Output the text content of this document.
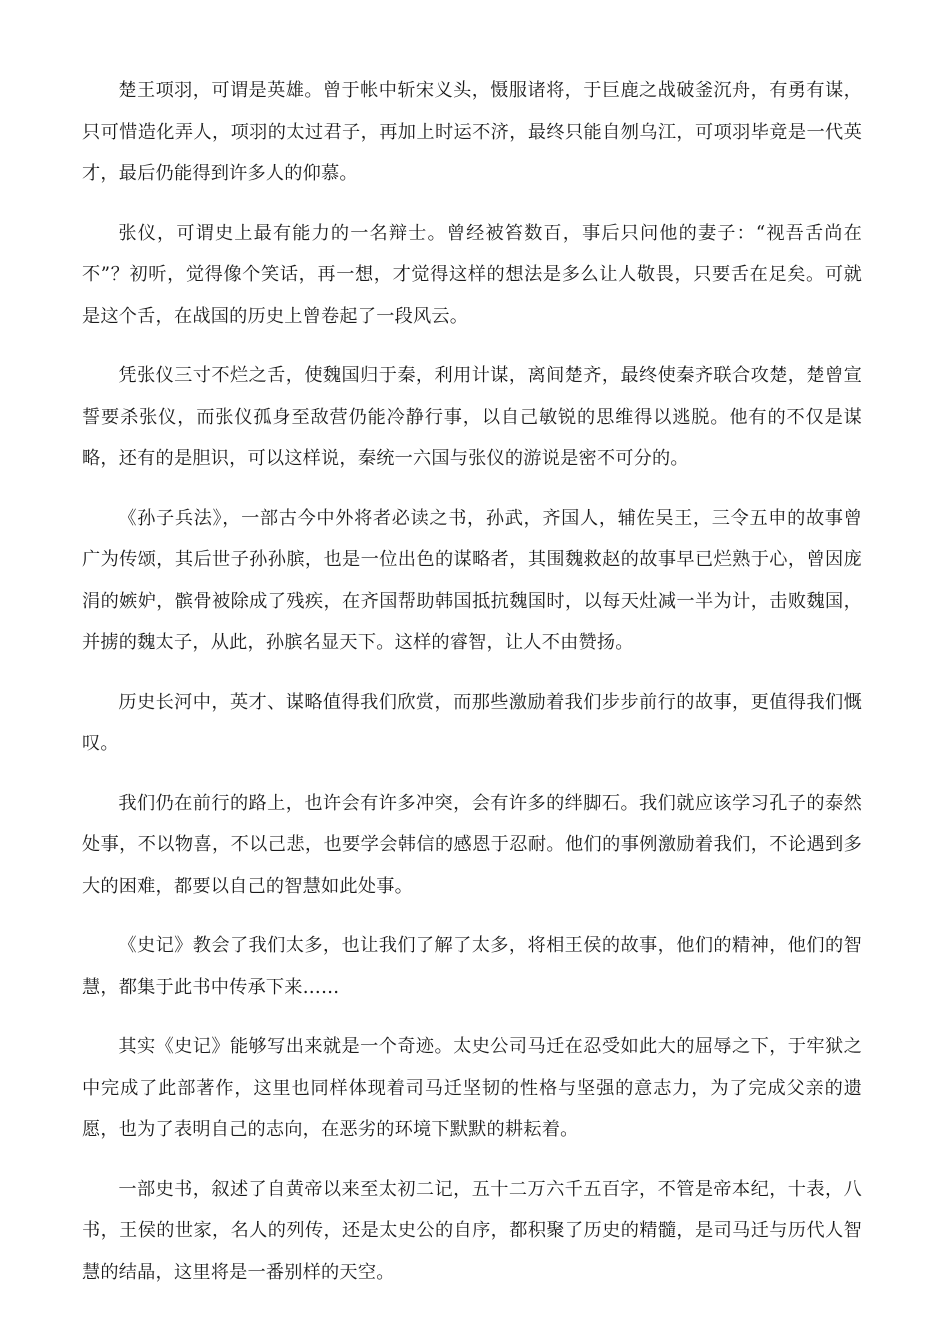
楚王项羽，可谓是英雄。曾于帐中斩宋义头，慑服诸将，于巨鹿之战破釜沉舟，有勇有谋，只可惜造化弄人，项羽的太过君子，再加上时运不济，最终只能自刎乌江，可项羽毕竟是一代英才，最后仍能得到许多人的仰慕。

张仪，可谓史上最有能力的一名辩士。曾经被笞数百，事后只问他的妻子：“视吾舌尚在不”？初听，觉得像个笑话，再一想，才觉得这样的想法是多么让人敬畏，只要舌在足矣。可就是这个舌，在战国的历史上曾卷起了一段风云。

凭张仪三寸不烂之舌，使魏国归于秦，利用计谋，离间楚齐，最终使秦齐联合攻楚，楚曾宣誓要杀张仪，而张仪孤身至敌营仍能冷静行事，以自己敏锐的思维得以逃脱。他有的不仅是谋略，还有的是胆识，可以这样说，秦统一六国与张仪的游说是密不可分的。

《孙子兵法》，一部古今中外将者必读之书，孙武，齐国人，辅佐吴王，三令五申的故事曾广为传颂，其后世子孙孙膑，也是一位出色的谋略者，其围魏救赵的故事早已烂熟于心，曾因庞涓的嫉妒，髌骨被除成了残疾，在齐国帮助韩国抵抗魏国时，以每天灶减一半为计，击败魏国，并掳的魏太子，从此，孙膑名显天下。这样的睿智，让人不由赞扬。

历史长河中，英才、谋略值得我们欣赏，而那些激励着我们步步前行的故事，更值得我们慨叹。

我们仍在前行的路上，也许会有许多冲突，会有许多的绊脚石。我们就应该学习孔子的泰然处事，不以物喜，不以己悲，也要学会韩信的感恩于忍耐。他们的事例激励着我们，不论遇到多大的困难，都要以自己的智慧如此处事。

《史记》教会了我们太多，也让我们了解了太多，将相王侯的故事，他们的精神，他们的智慧，都集于此书中传承下来……

其实《史记》能够写出来就是一个奇迹。太史公司马迁在忍受如此大的屈辱之下，于牢狱之中完成了此部著作，这里也同样体现着司马迁坚韧的性格与坚强的意志力，为了完成父亲的遗愿，也为了表明自己的志向，在恶劣的环境下默默的耕耘着。

一部史书，叙述了自黄帝以来至太初二记，五十二万六千五百字，不管是帝本纪，十表，八书，王侯的世家，名人的列传，还是太史公的自序，都积聚了历史的精髓，是司马迁与历代人智慧的结晶，这里将是一番别样的天空。
